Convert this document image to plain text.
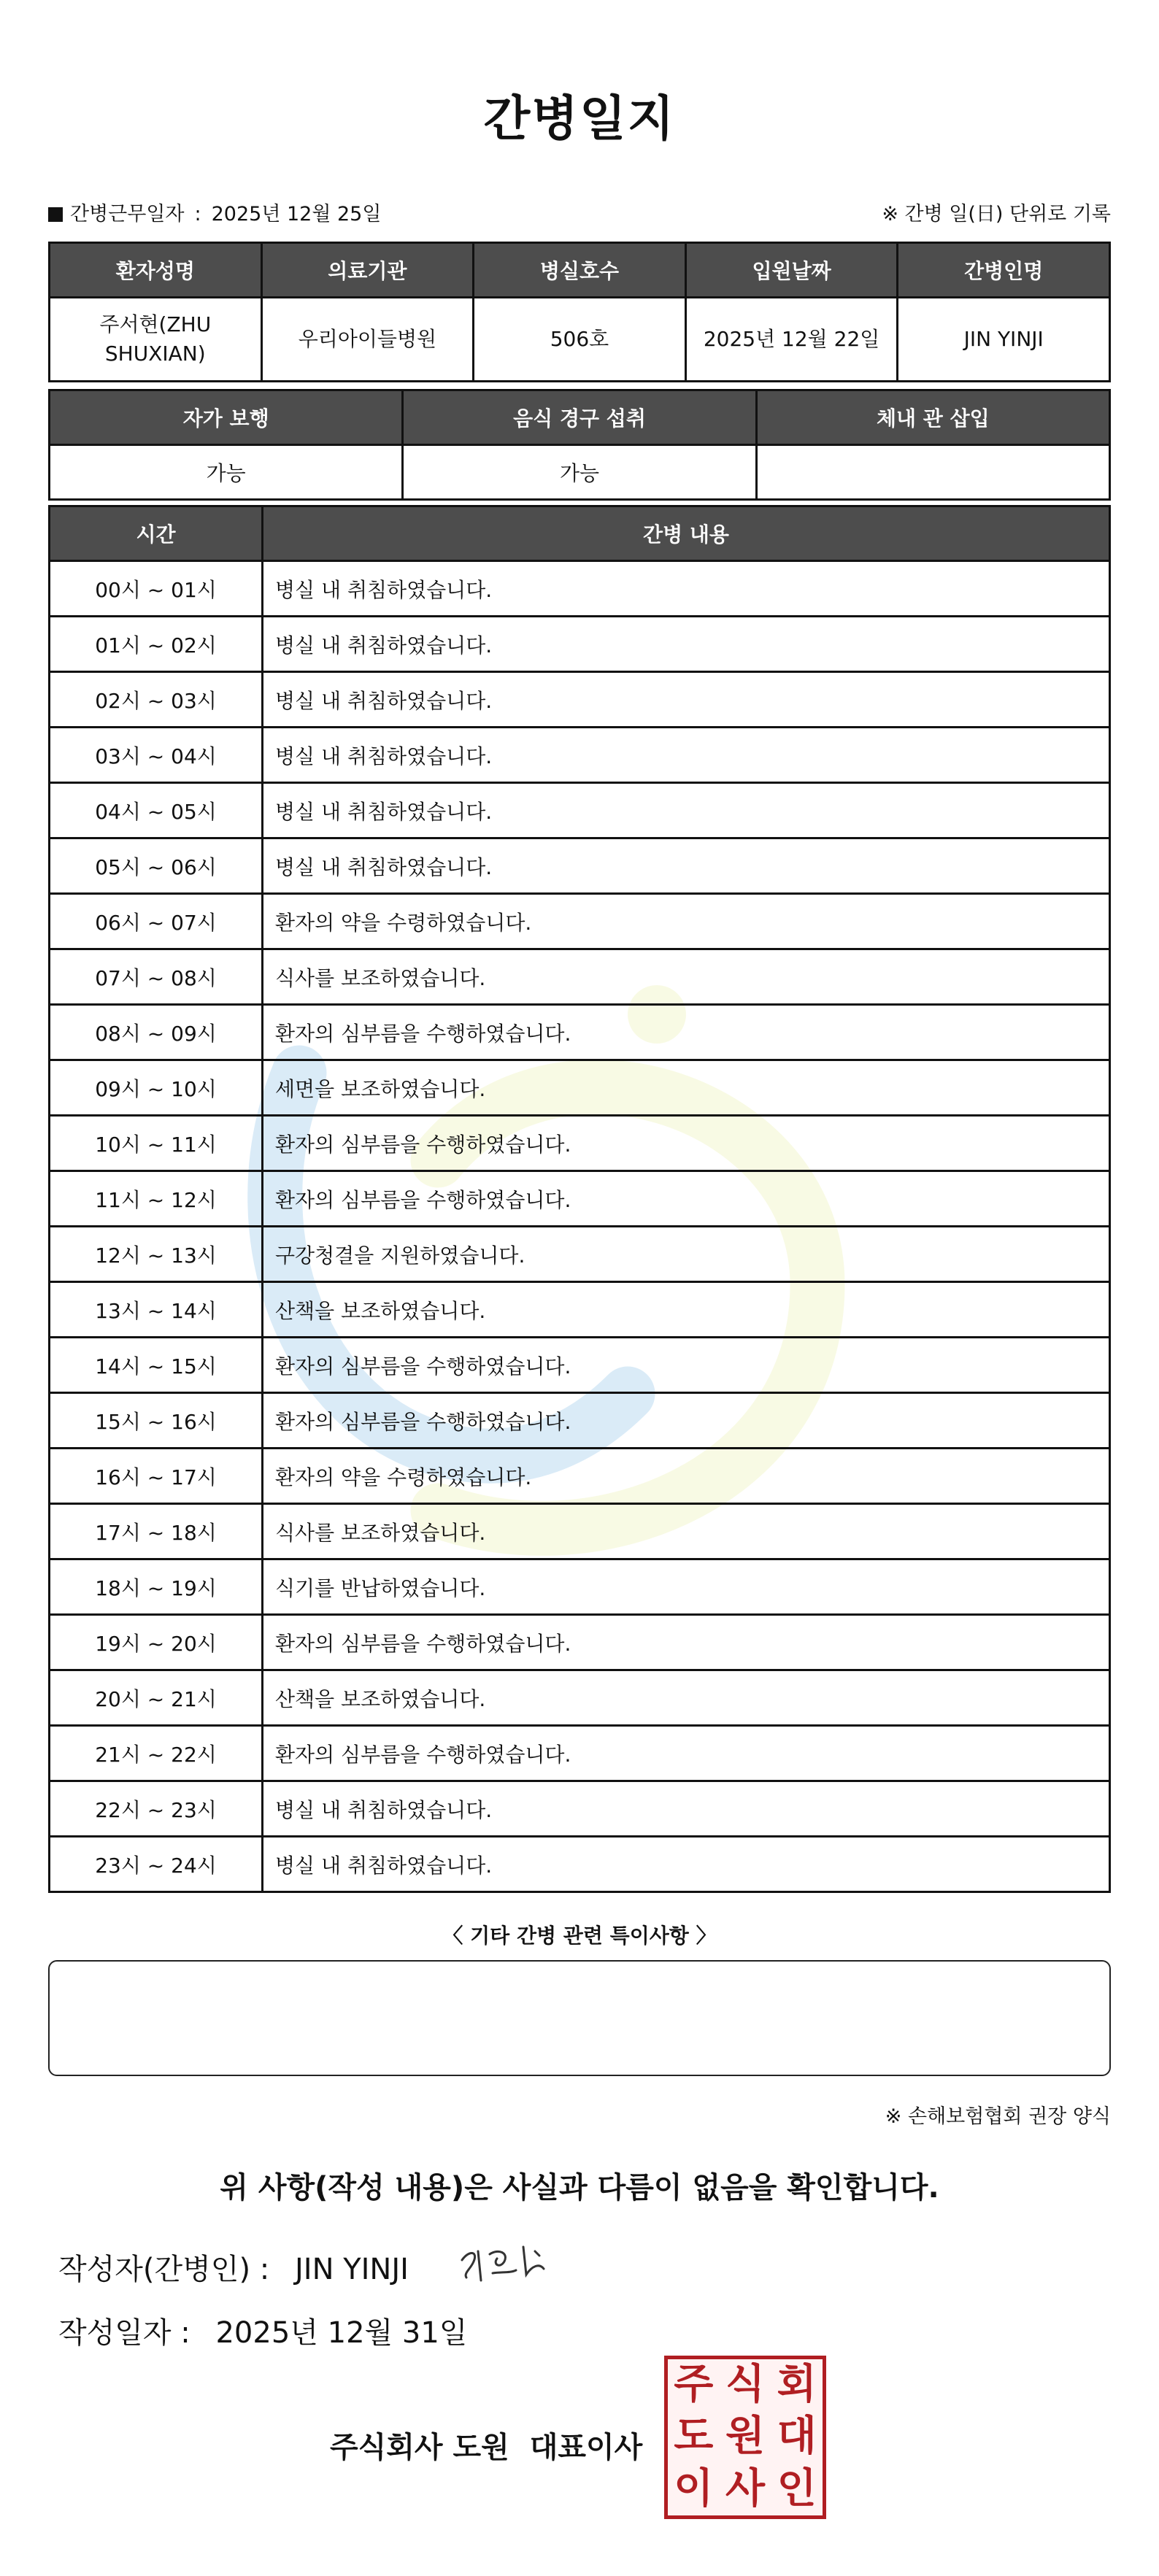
간병일지
간병근무일자 : 2025년 12월 25일	※ 간병 일(日) 단위로 기록
환자성명	의료기관	병실호수	입원날짜	간병인명
주서현(ZHU SHUXIAN)	우리아이들병원	506호	2025년 12월 22일	JIN YINJI
자가 보행	음식 경구 섭취	체내 관 삽입
가능	가능	
시간	간병 내용
00시 ~ 01시	병실 내 취침하였습니다.
01시 ~ 02시	병실 내 취침하였습니다.
02시 ~ 03시	병실 내 취침하였습니다.
03시 ~ 04시	병실 내 취침하였습니다.
04시 ~ 05시	병실 내 취침하였습니다.
05시 ~ 06시	병실 내 취침하였습니다.
06시 ~ 07시	환자의 약을 수령하였습니다.
07시 ~ 08시	식사를 보조하였습니다.
08시 ~ 09시	환자의 심부름을 수행하였습니다.
09시 ~ 10시	세면을 보조하였습니다.
10시 ~ 11시	환자의 심부름을 수행하였습니다.
11시 ~ 12시	환자의 심부름을 수행하였습니다.
12시 ~ 13시	구강청결을 지원하였습니다.
13시 ~ 14시	산책을 보조하였습니다.
14시 ~ 15시	환자의 심부름을 수행하였습니다.
15시 ~ 16시	환자의 심부름을 수행하였습니다.
16시 ~ 17시	환자의 약을 수령하였습니다.
17시 ~ 18시	식사를 보조하였습니다.
18시 ~ 19시	식기를 반납하였습니다.
19시 ~ 20시	환자의 심부름을 수행하였습니다.
20시 ~ 21시	산책을 보조하였습니다.
21시 ~ 22시	환자의 심부름을 수행하였습니다.
22시 ~ 23시	병실 내 취침하였습니다.
23시 ~ 24시	병실 내 취침하였습니다.
〈 기타 간병 관련 특이사항 〉
※ 손해보험협회 권장 양식
위 사항(작성 내용)은 사실과 다름이 없음을 확인합니다.
작성자(간병인) : JIN YINJI
작성일자 : 2025년 12월 31일
주식회사 도원 대표이사
주 식 회
도 원 대
이 사 인
